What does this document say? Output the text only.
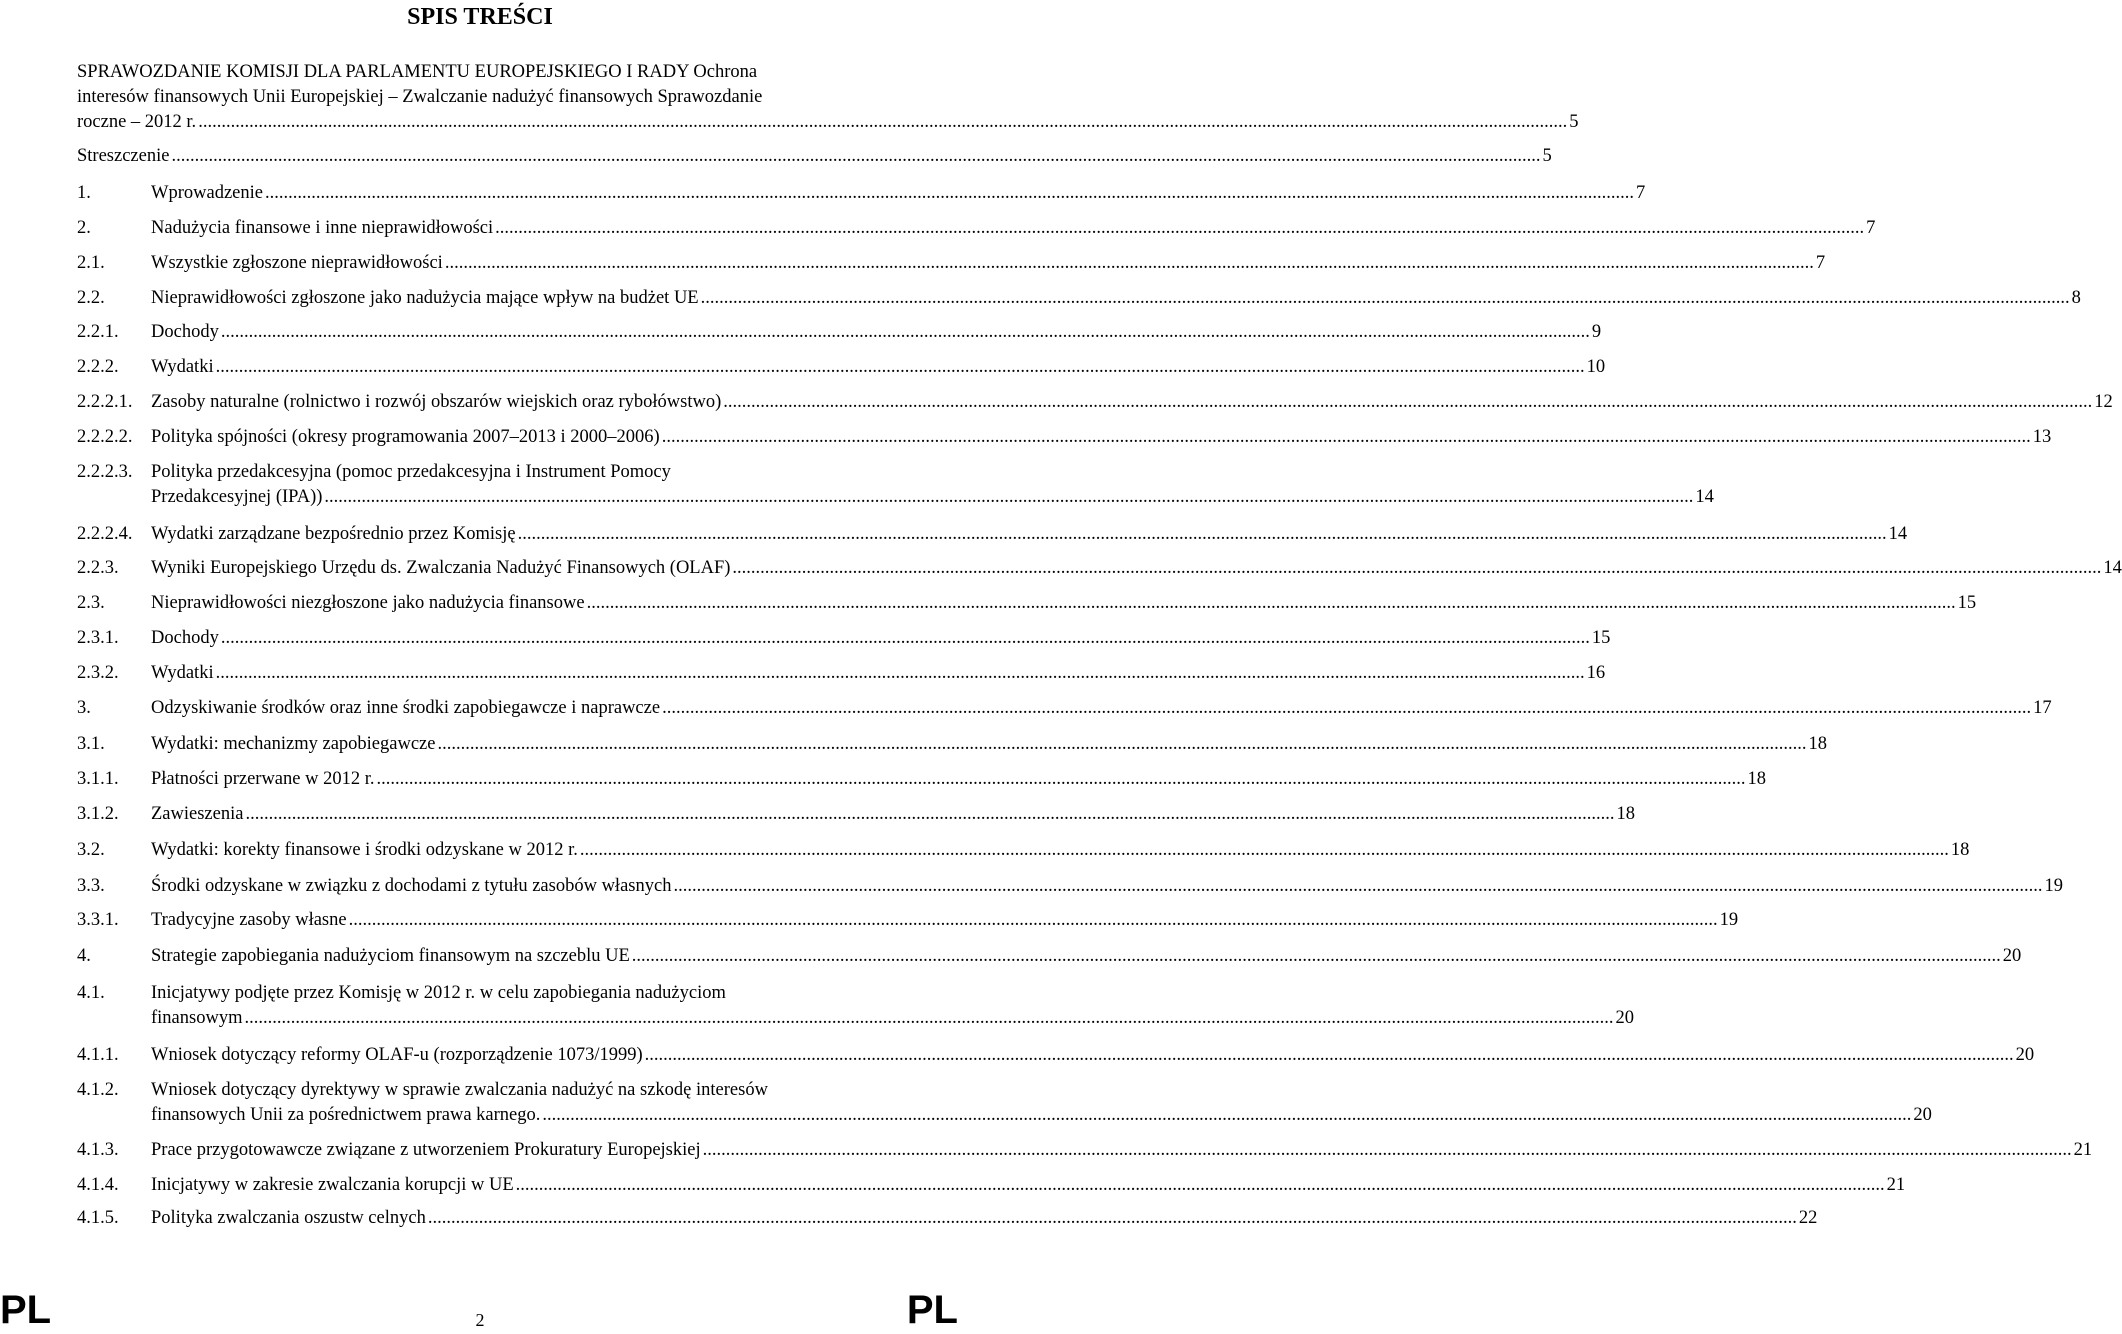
SPIS TREŚCI
SPRAWOZDANIE KOMISJI DLA PARLAMENTU EUROPEJSKIEGO I RADY Ochrona
interesów finansowych Unii Europejskiej – Zwalczanie nadużyć finansowych Sprawozdanie
roczne – 2012 r. ........................................................................................................................................................................................................................................................................................................ 5
Streszczenie ........................................................................................................................................................................................................................................................................................................ 5
1.	Wprowadzenie ........................................................................................................................................................................................................................................................................................................ 7
2.	Nadużycia finansowe i inne nieprawidłowości ........................................................................................................................................................................................................................................................................................................ 7
2.1.	Wszystkie zgłoszone nieprawidłowości ........................................................................................................................................................................................................................................................................................................ 7
2.2.	Nieprawidłowości zgłoszone jako nadużycia mające wpływ na budżet UE ........................................................................................................................................................................................................................................................................................................ 8
2.2.1. Dochody ........................................................................................................................................................................................................................................................................................................ 9
2.2.2. Wydatki ........................................................................................................................................................................................................................................................................................................ 10
2.2.2.1. Zasoby naturalne (rolnictwo i rozwój obszarów wiejskich oraz rybołówstwo) ........................................................................................................................................................................................................................................................................................................ 12
2.2.2.2. Polityka spójności (okresy programowania 2007–2013 i 2000–2006) ........................................................................................................................................................................................................................................................................................................ 13
2.2.2.3. Polityka przedakcesyjna (pomoc przedakcesyjna i Instrument Pomocy
Przedakcesyjnej (IPA)) ........................................................................................................................................................................................................................................................................................................ 14
2.2.2.4. Wydatki zarządzane bezpośrednio przez Komisję ........................................................................................................................................................................................................................................................................................................ 14
2.2.3. Wyniki Europejskiego Urzędu ds. Zwalczania Nadużyć Finansowych (OLAF) ........................................................................................................................................................................................................................................................................................................ 14
2.3.	Nieprawidłowości niezgłoszone jako nadużycia finansowe ........................................................................................................................................................................................................................................................................................................ 15
2.3.1. Dochody ........................................................................................................................................................................................................................................................................................................ 15
2.3.2. Wydatki ........................................................................................................................................................................................................................................................................................................ 16
3.	Odzyskiwanie środków oraz inne środki zapobiegawcze i naprawcze ........................................................................................................................................................................................................................................................................................................ 17
3.1.	Wydatki: mechanizmy zapobiegawcze ........................................................................................................................................................................................................................................................................................................ 18
3.1.1. Płatności przerwane w 2012 r. ........................................................................................................................................................................................................................................................................................................ 18
3.1.2. Zawieszenia ........................................................................................................................................................................................................................................................................................................ 18
3.2.	Wydatki: korekty finansowe i środki odzyskane w 2012 r. ........................................................................................................................................................................................................................................................................................................ 18
3.3.	Środki odzyskane w związku z dochodami z tytułu zasobów własnych ........................................................................................................................................................................................................................................................................................................ 19
3.3.1. Tradycyjne zasoby własne ........................................................................................................................................................................................................................................................................................................ 19
4.	Strategie zapobiegania nadużyciom finansowym na szczeblu UE ........................................................................................................................................................................................................................................................................................................ 20
4.1.	Inicjatywy podjęte przez Komisję w 2012 r. w celu zapobiegania nadużyciom
finansowym ........................................................................................................................................................................................................................................................................................................ 20
4.1.1. Wniosek dotyczący reformy OLAF-u (rozporządzenie 1073/1999) ........................................................................................................................................................................................................................................................................................................ 20
4.1.2. Wniosek dotyczący dyrektywy w sprawie zwalczania nadużyć na szkodę interesów
finansowych Unii za pośrednictwem prawa karnego. ........................................................................................................................................................................................................................................................................................................ 20
4.1.3. Prace przygotowawcze związane z utworzeniem Prokuratury Europejskiej ........................................................................................................................................................................................................................................................................................................ 21
4.1.4. Inicjatywy w zakresie zwalczania korupcji w UE ........................................................................................................................................................................................................................................................................................................ 21
4.1.5. Polityka zwalczania oszustw celnych ........................................................................................................................................................................................................................................................................................................ 22
PL	2	PL
